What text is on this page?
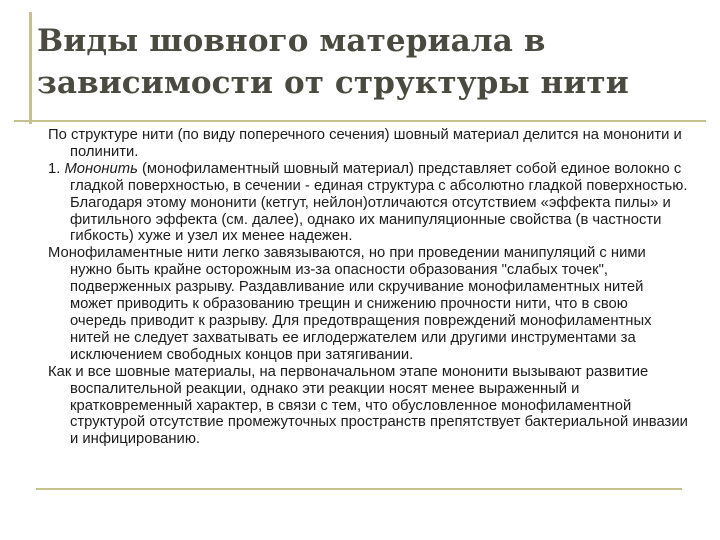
Виды шовного материала в зависимости от структуры нити

По структуре нити (по виду поперечного сечения) шовный материал делится на мононити и полинити.

1. Мононить (монофиламентный шовный материал) представляет собой единое волокно с гладкой поверхностью, в сечении - единая структура с абсолютно гладкой поверхностью. Благодаря этому мононити (кетгут, нейлон)отличаются отсутствием «эффекта пилы» и фитильного эффекта (см. далее), однако их манипуляционные свойства (в частности гибкость) хуже и узел их менее надежен.

Монофиламентные нити легко завязываются, но при проведении манипуляций с ними нужно быть крайне осторожным из-за опасности образования "слабых точек", подверженных разрыву. Раздавливание или скручивание монофиламентных нитей может приводить к образованию трещин и снижению прочности нити, что в свою очередь приводит к разрыву. Для предотвращения повреждений монофиламентных нитей не следует захватывать ее иглодержателем или другими инструментами за исключением свободных концов при затягивании.

Как и все шовные материалы, на первоначальном этапе мононити вызывают развитие воспалительной реакции, однако эти реакции носят менее выраженный и кратковременный характер, в связи с тем, что обусловленное монофиламентной структурой отсутствие промежуточных пространств препятствует бактериальной инвазии и инфицированию.
